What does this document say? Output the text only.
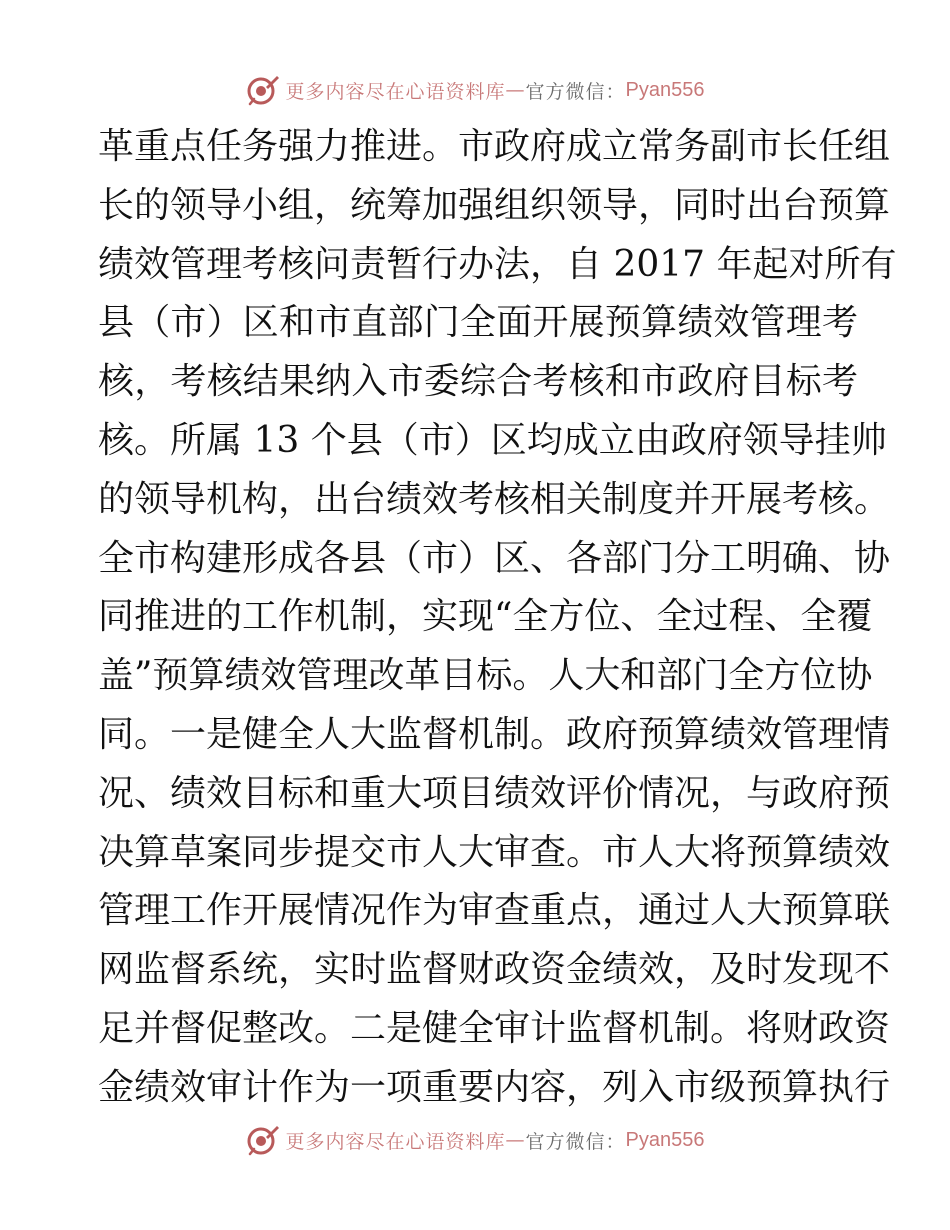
更多内容尽在心语资料库 — 官方微信： Pyan556
革重点任务强力推进。市政府成立常务副市长任组
长的领导小组，统筹加强组织领导，同时出台预算
绩效管理考核问责暂行办法，自 2017 年起对所有
县（市）区和市直部门全面开展预算绩效管理考
核，考核结果纳入市委综合考核和市政府目标考
核。所属 13 个县（市）区均成立由政府领导挂帅
的领导机构，出台绩效考核相关制度并开展考核。
全市构建形成各县（市）区、各部门分工明确、协
同推进的工作机制，实现“全方位、全过程、全覆
盖”预算绩效管理改革目标。人大和部门全方位协
同。一是健全人大监督机制。政府预算绩效管理情
况、绩效目标和重大项目绩效评价情况，与政府预
决算草案同步提交市人大审查。市人大将预算绩效
管理工作开展情况作为审查重点，通过人大预算联
网监督系统，实时监督财政资金绩效，及时发现不
足并督促整改。二是健全审计监督机制。将财政资
金绩效审计作为一项重要内容，列入市级预算执行
更多内容尽在心语资料库 — 官方微信： Pyan556
